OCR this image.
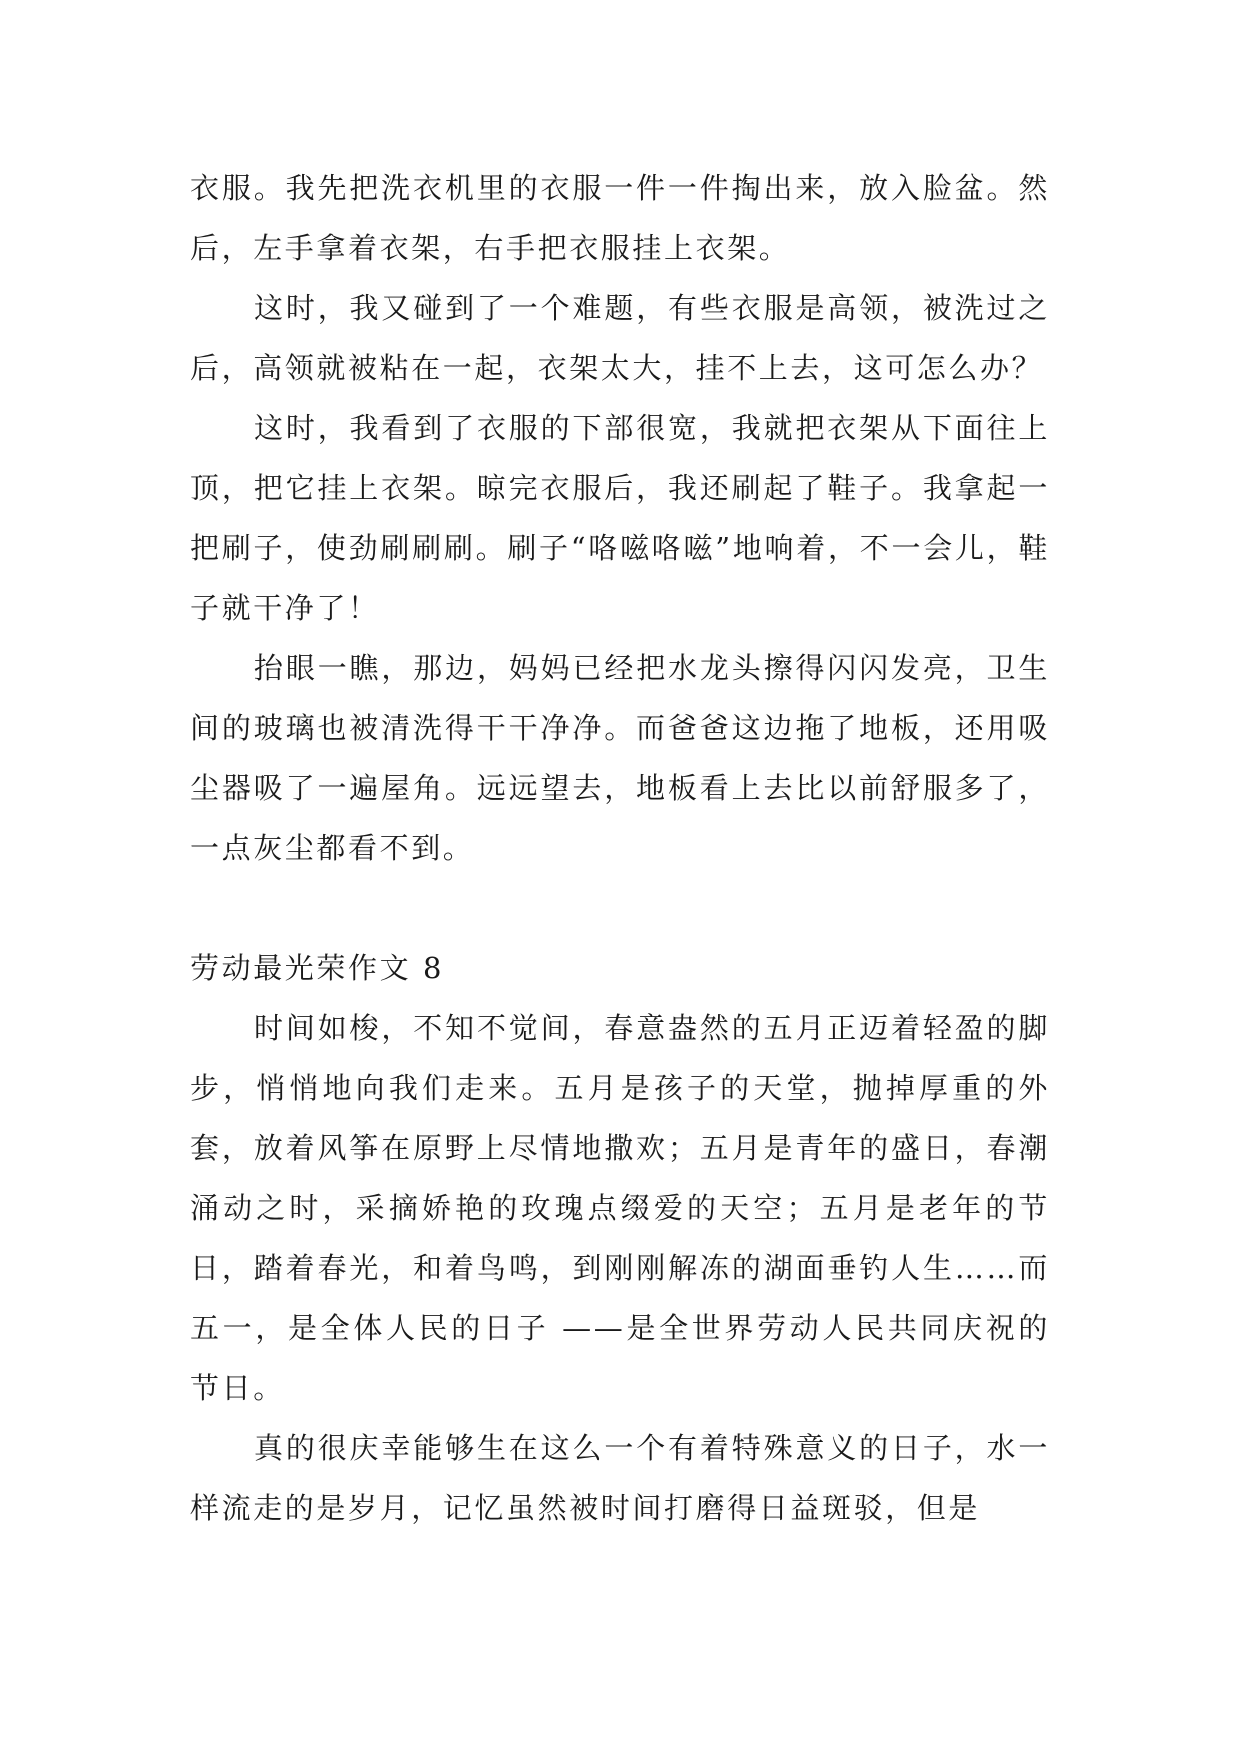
衣服。我先把洗衣机里的衣服一件一件掏出来，放入脸盆。然后，左手拿着衣架，右手把衣服挂上衣架。

这时，我又碰到了一个难题，有些衣服是高领，被洗过之后，高领就被粘在一起，衣架太大，挂不上去，这可怎么办？

这时，我看到了衣服的下部很宽，我就把衣架从下面往上顶，把它挂上衣架。晾完衣服后，我还刷起了鞋子。我拿起一把刷子，使劲刷刷刷。刷子“咯嗞咯嗞”地响着，不一会儿，鞋子就干净了！

抬眼一瞧，那边，妈妈已经把水龙头擦得闪闪发亮，卫生间的玻璃也被清洗得干干净净。而爸爸这边拖了地板，还用吸尘器吸了一遍屋角。远远望去，地板看上去比以前舒服多了，一点灰尘都看不到。

劳动最光荣作文 8

时间如梭，不知不觉间，春意盎然的五月正迈着轻盈的脚步，悄悄地向我们走来。五月是孩子的天堂，抛掉厚重的外套，放着风筝在原野上尽情地撒欢；五月是青年的盛日，春潮涌动之时，采摘娇艳的玫瑰点缀爱的天空；五月是老年的节日，踏着春光，和着鸟鸣，到刚刚解冻的湖面垂钓人生……而五一，是全体人民的日子 ——是全世界劳动人民共同庆祝的节日。

真的很庆幸能够生在这么一个有着特殊意义的日子，水一样流走的是岁月，记忆虽然被时间打磨得日益斑驳，但是
